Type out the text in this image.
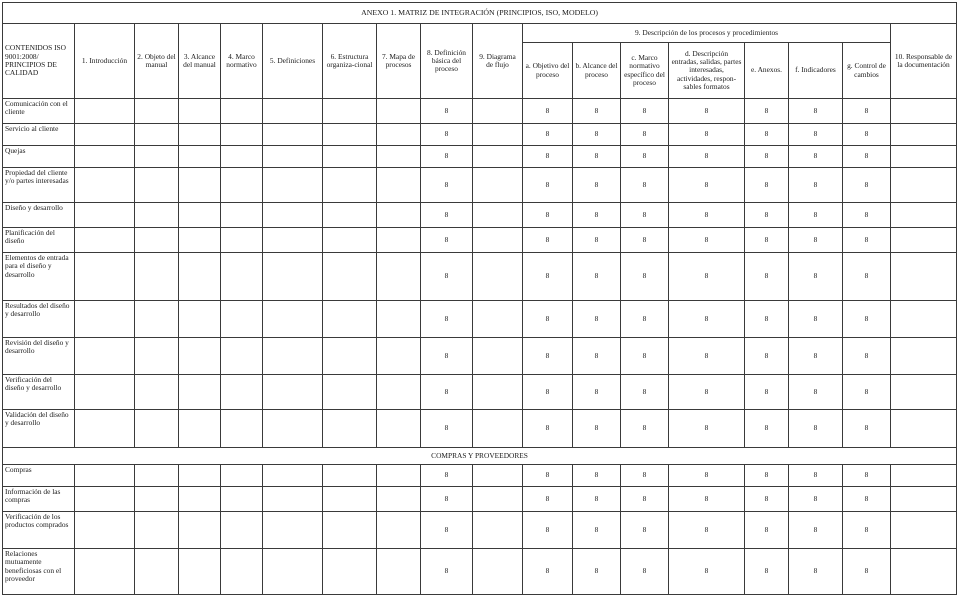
ANEXO 1. MATRIZ DE INTEGRACIÓN (PRINCIPIOS, ISO, MODELO)																	
CONTENIDOS ISO 9001:2008/ PRINCIPIOS DE CALIDAD	1. Introducción	2. Objeto del manual	3. Alcance del manual	4. Marco normativo	5. Definiciones	6. Estructura organiza-cional	7. Mapa de procesos	8. Definición básica del proceso	9. Diagrama de flujo	9. Descripción de los procesos y procedimientos							10. Responsable de la documentación
										a. Objetivo del proceso	b. Alcance del proceso	c. Marco normativo específico del proceso	d. Descripción entradas, salidas, partes interesadas, actividades, respon-sables formatos	e. Anexos.	f. Indicadores	g. Control de cambios	
Comunicación con el cliente								8		8	8	8	8	8	8	8	
Servicio al cliente								8		8	8	8	8	8	8	8	
Quejas								8		8	8	8	8	8	8	8	
Propiedad del cliente y/o partes interesadas								8		8	8	8	8	8	8	8	
Diseño y desarrollo								8		8	8	8	8	8	8	8	
Planificación del diseño								8		8	8	8	8	8	8	8	
Elementos de entrada para el diseño y desarrollo								8		8	8	8	8	8	8	8	
Resultados del diseño y desarrollo								8		8	8	8	8	8	8	8	
Revisión del diseño y desarrollo								8		8	8	8	8	8	8	8	
Verificación del diseño y desarrollo								8		8	8	8	8	8	8	8	
Validación del diseño y desarrollo								8		8	8	8	8	8	8	8	
COMPRAS Y PROVEEDORES																	
Compras								8		8	8	8	8	8	8	8	
Información de las compras								8		8	8	8	8	8	8	8	
Verificación de los productos comprados								8		8	8	8	8	8	8	8	
Relaciones mutuamente beneficiosas con el proveedor								8		8	8	8	8	8	8	8	
